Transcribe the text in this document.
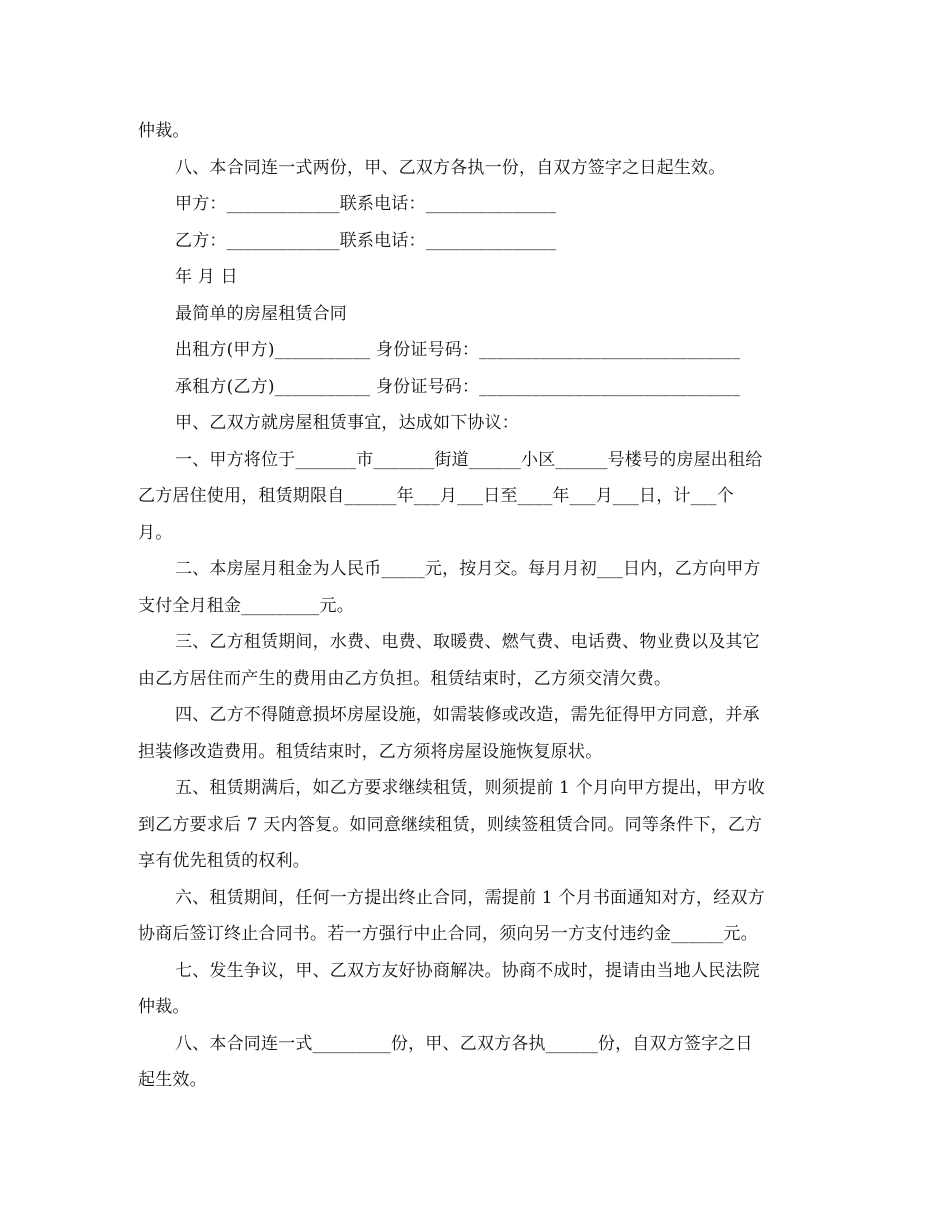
仲裁。
八、本合同连一式两份，甲、乙双方各执一份，自双方签字之日起生效。
甲方：_____________联系电话：_______________
乙方：_____________联系电话：_______________
年 月 日
最简单的房屋租赁合同
出租方(甲方)___________ 身份证号码：______________________________
承租方(乙方)___________ 身份证号码：______________________________
甲、乙双方就房屋租赁事宜，达成如下协议：
一、甲方将位于_______市_______街道______小区______号楼号的房屋出租给
乙方居住使用，租赁期限自______年___月___日至____年___月___日，计___个
月。
二、本房屋月租金为人民币_____元，按月交。每月月初___日内，乙方向甲方
支付全月租金_________元。
三、乙方租赁期间，水费、电费、取暖费、燃气费、电话费、物业费以及其它
由乙方居住而产生的费用由乙方负担。租赁结束时，乙方须交清欠费。
四、乙方不得随意损坏房屋设施，如需装修或改造，需先征得甲方同意，并承
担装修改造费用。租赁结束时，乙方须将房屋设施恢复原状。
五、租赁期满后，如乙方要求继续租赁，则须提前 1 个月向甲方提出，甲方收
到乙方要求后 7 天内答复。如同意继续租赁，则续签租赁合同。同等条件下，乙方
享有优先租赁的权利。
六、租赁期间，任何一方提出终止合同，需提前 1 个月书面通知对方，经双方
协商后签订终止合同书。若一方强行中止合同，须向另一方支付违约金______元。
七、发生争议，甲、乙双方友好协商解决。协商不成时，提请由当地人民法院
仲裁。
八、本合同连一式_________份，甲、乙双方各执______份，自双方签字之日
起生效。
